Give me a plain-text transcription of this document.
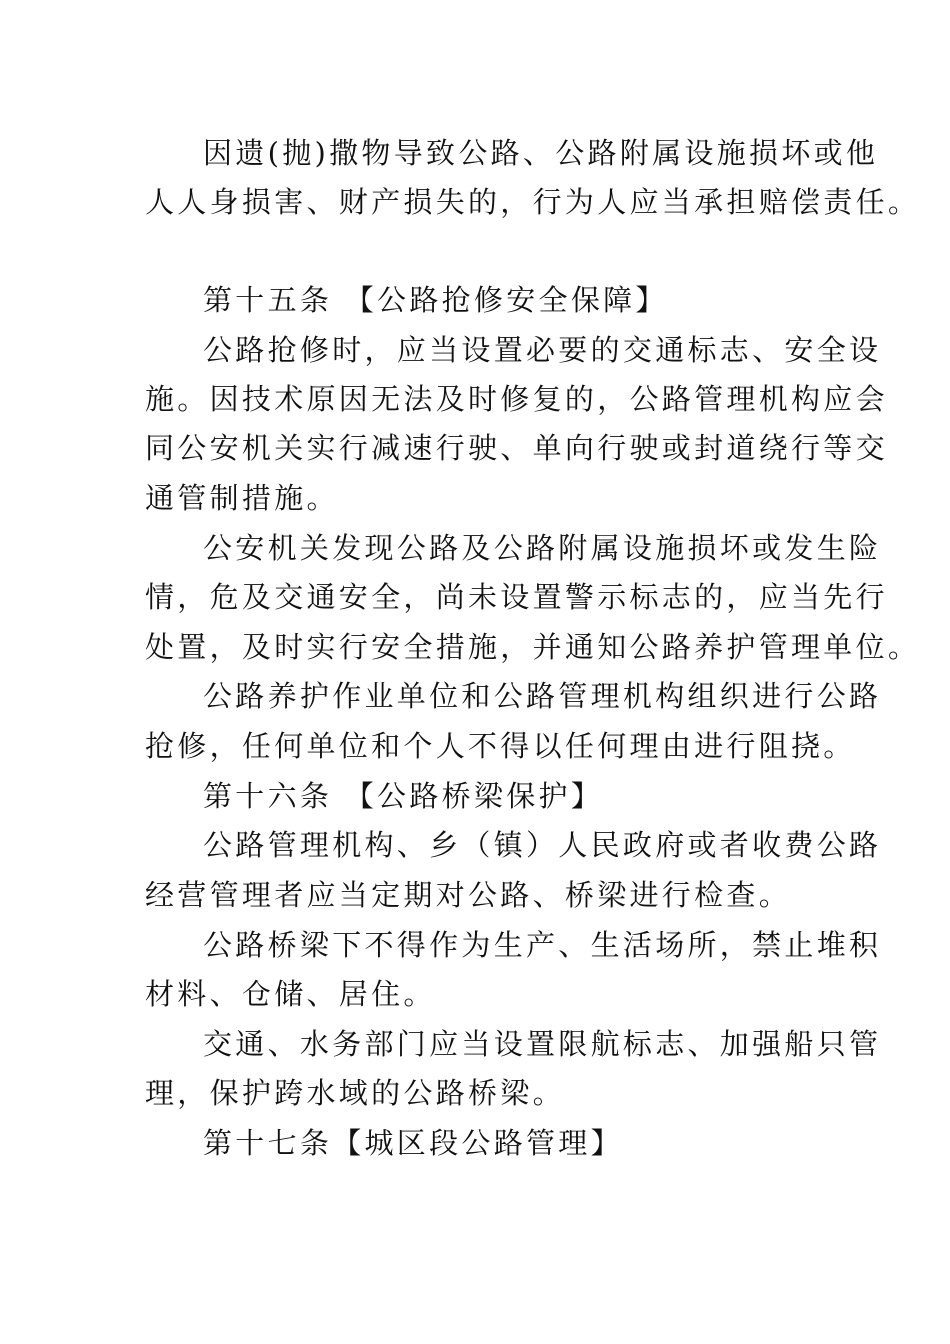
因遗(抛)撒物导致公路、公路附属设施损坏或他
人人身损害、财产损失的，行为人应当承担赔偿责任。
第十五条 【公路抢修安全保障】
公路抢修时，应当设置必要的交通标志、安全设
施。因技术原因无法及时修复的，公路管理机构应会
同公安机关实行减速行驶、单向行驶或封道绕行等交
通管制措施。
公安机关发现公路及公路附属设施损坏或发生险
情，危及交通安全，尚未设置警示标志的，应当先行
处置，及时实行安全措施，并通知公路养护管理单位。
公路养护作业单位和公路管理机构组织进行公路
抢修，任何单位和个人不得以任何理由进行阻挠。
第十六条 【公路桥梁保护】
公路管理机构、乡（镇）人民政府或者收费公路
经营管理者应当定期对公路、桥梁进行检查。
公路桥梁下不得作为生产、生活场所，禁止堆积
材料、仓储、居住。
交通、水务部门应当设置限航标志、加强船只管
理，保护跨水域的公路桥梁。
第十七条【城区段公路管理】
